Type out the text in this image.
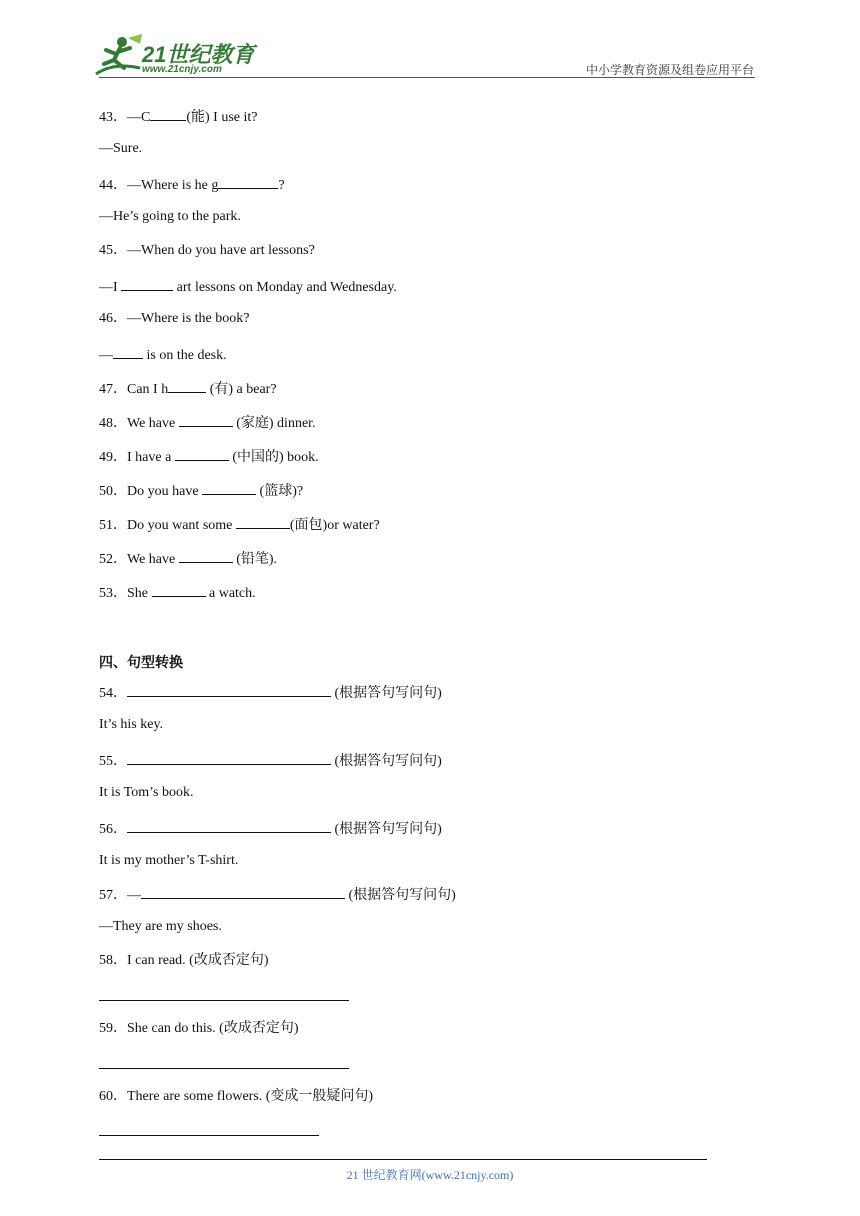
21世纪教育
www.21cnjy.com	中小学教育资源及组卷应用平台
43．—C	(能) I use it?
—Sure.
44．—Where is he g	?
—He’s going to the park.
45．—When do you have art lessons?
—I	art lessons on Monday and Wednesday.
46．—Where is the book?
— is on the desk.
47．Can I h	(有) a bear?
48．We have	(家庭) dinner.
49．I have a	(中国的) book.
50．Do you have	(篮球)?
51．Do you want some	(面包)or water?
52．We have	(铅笔).
53．She	a watch.
四、句型转换
54．	(根据答句写问句)
It’s his key.
55．	(根据答句写问句)
It is Tom’s book.
56．	(根据答句写问句)
It is my mother’s T-shirt.
57．—	(根据答句写问句)
—They are my shoes.
58．I can read. (改成否定句)
59．She can do this. (改成否定句)
60．There are some flowers. (变成一般疑问句)
21 世纪教育网(www.21cnjy.com)
